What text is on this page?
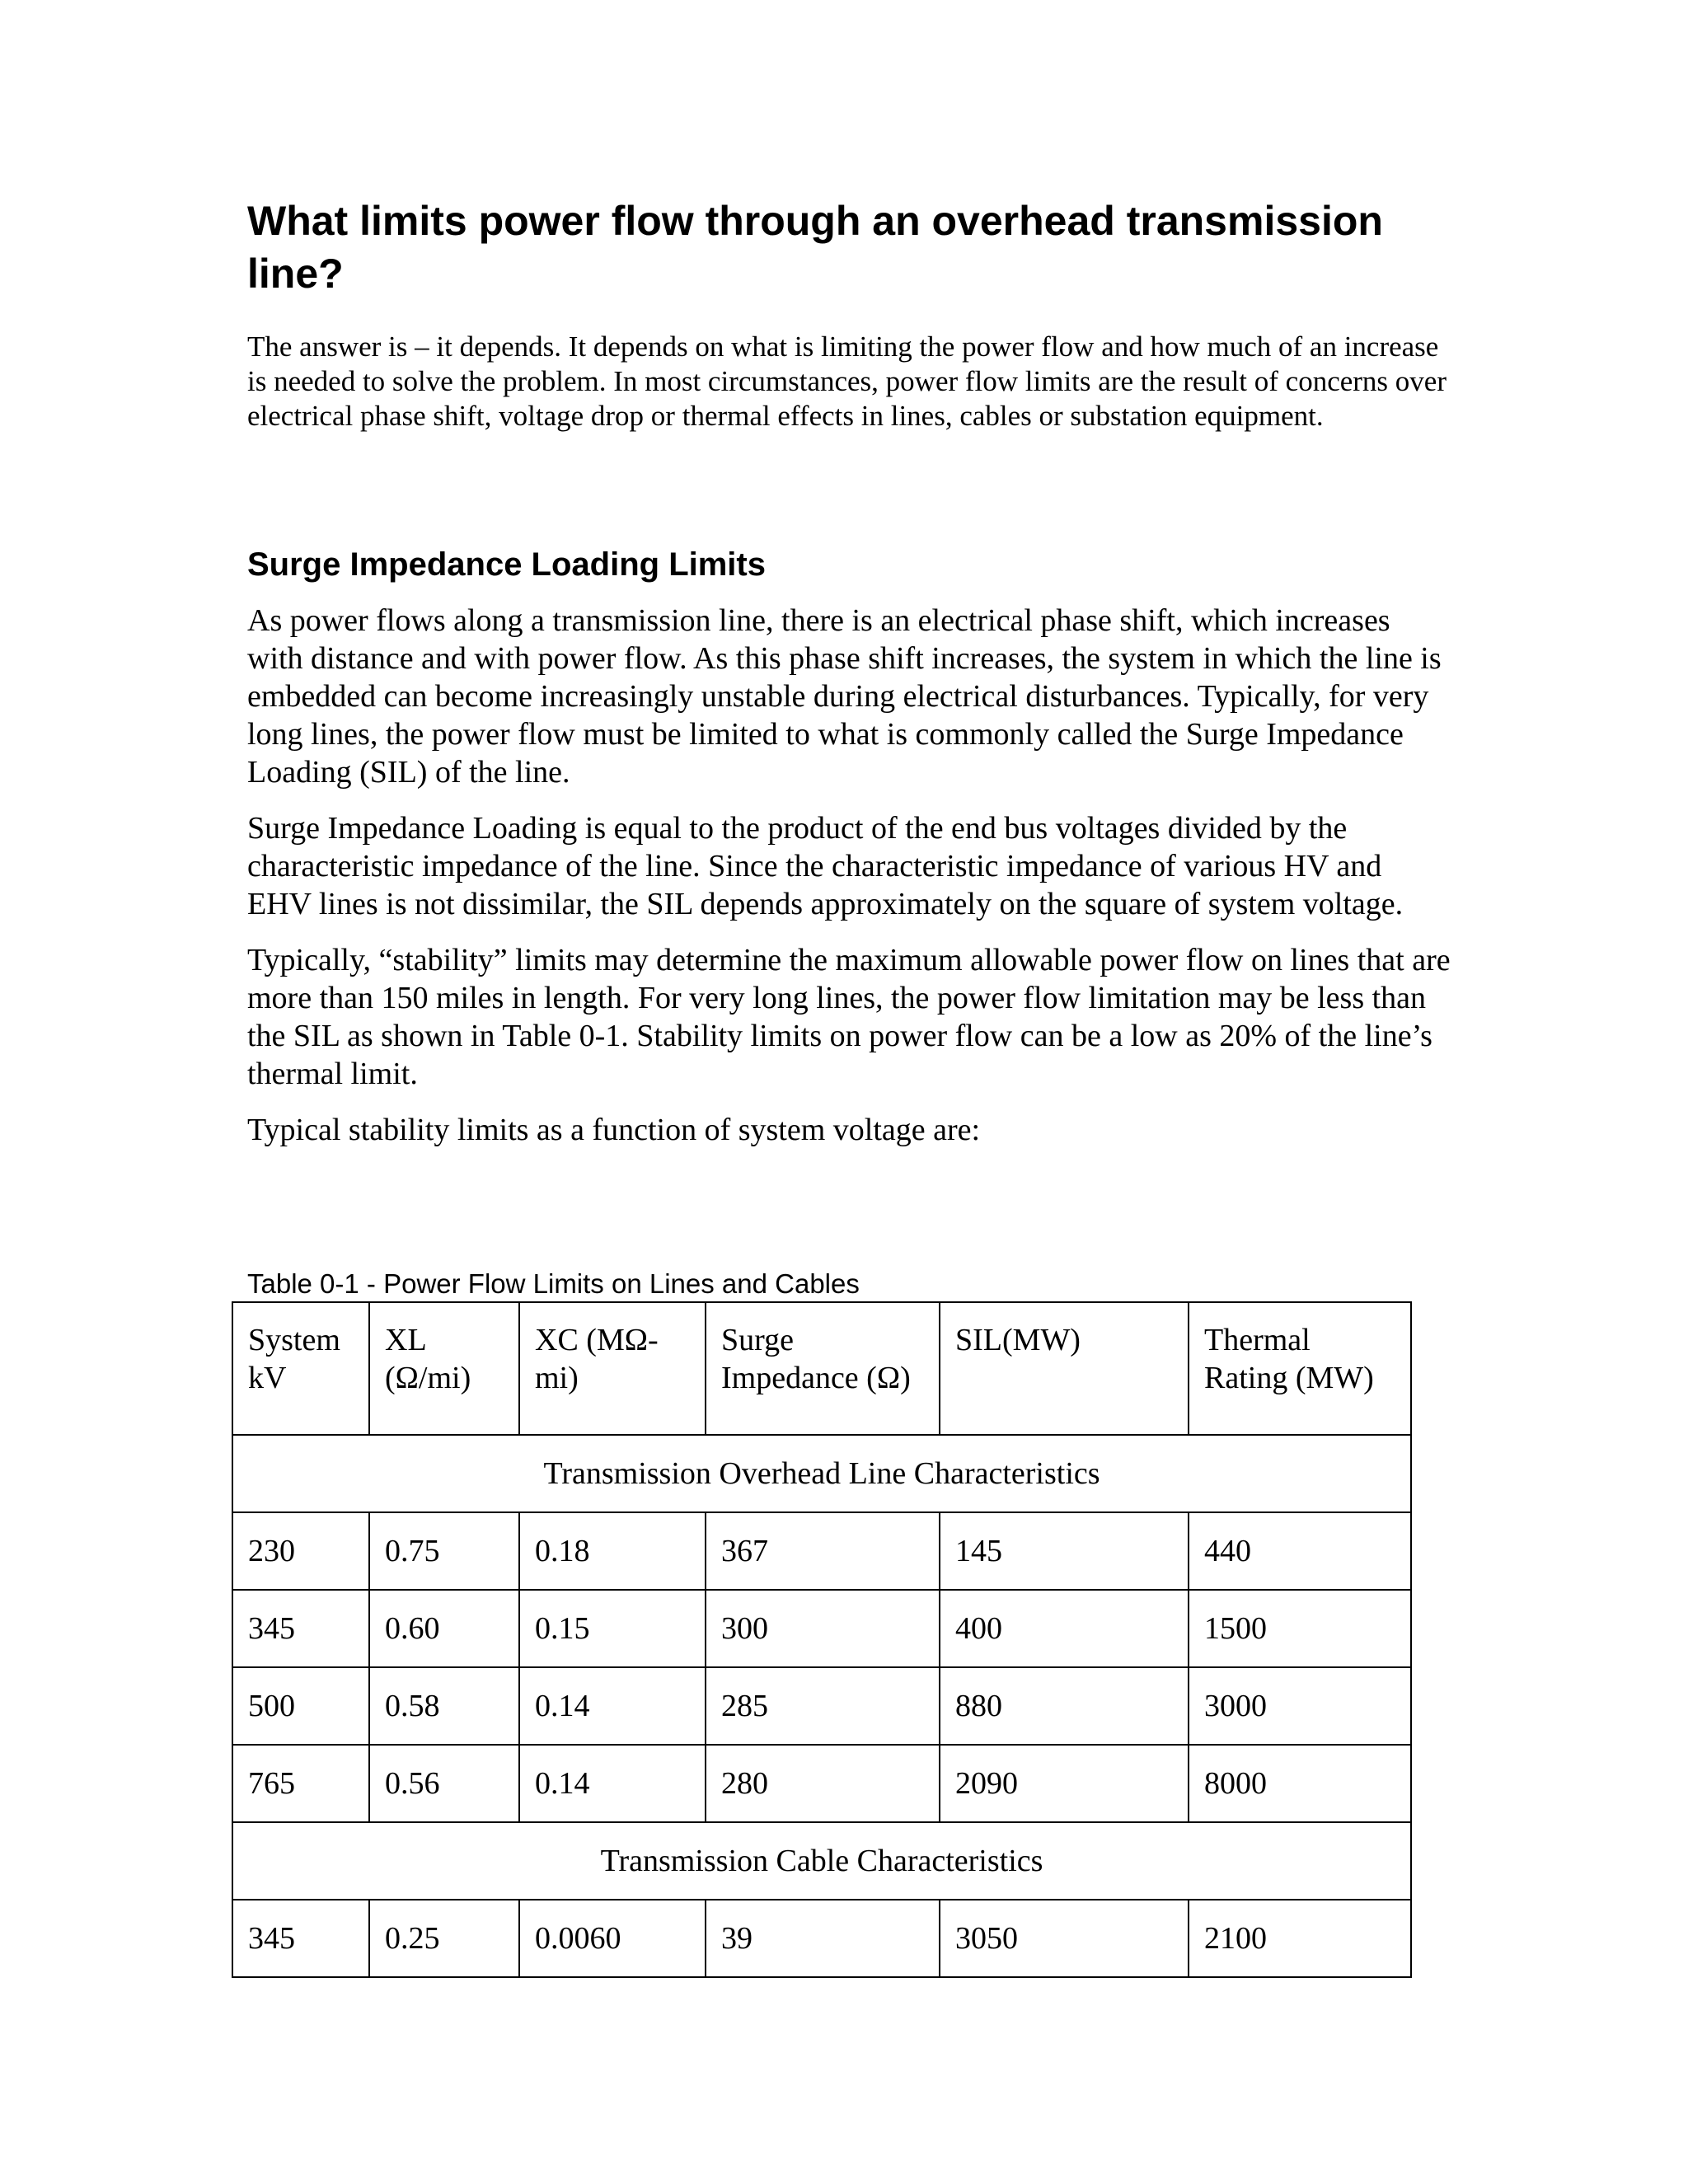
What limits power flow through an overhead transmission line?

The answer is – it depends. It depends on what is limiting the power flow and how much of an increase is needed to solve the problem. In most circumstances, power flow limits are the result of concerns over electrical phase shift, voltage drop or thermal effects in lines, cables or substation equipment.

Surge Impedance Loading Limits

As power flows along a transmission line, there is an electrical phase shift, which increases with distance and with power flow. As this phase shift increases, the system in which the line is embedded can become increasingly unstable during electrical disturbances. Typically, for very long lines, the power flow must be limited to what is commonly called the Surge Impedance Loading (SIL) of the line.

Surge Impedance Loading is equal to the product of the end bus voltages divided by the characteristic impedance of the line. Since the characteristic impedance of various HV and EHV lines is not dissimilar, the SIL depends approximately on the square of system voltage.

Typically, “stability” limits may determine the maximum allowable power flow on lines that are more than 150 miles in length. For very long lines, the power flow limitation may be less than the SIL as shown in Table 0-1. Stability limits on power flow can be a low as 20% of the line’s thermal limit.

Typical stability limits as a function of system voltage are:

Table 0-1 - Power Flow Limits on Lines and Cables

System kV	XL (Ω/mi)	XC (MΩ-mi)	Surge Impedance (Ω)	SIL(MW)	Thermal Rating (MW)
Transmission Overhead Line Characteristics					
230	0.75	0.18	367	145	440
345	0.60	0.15	300	400	1500
500	0.58	0.14	285	880	3000
765	0.56	0.14	280	2090	8000
Transmission Cable Characteristics					
345	0.25	0.0060	39	3050	2100
